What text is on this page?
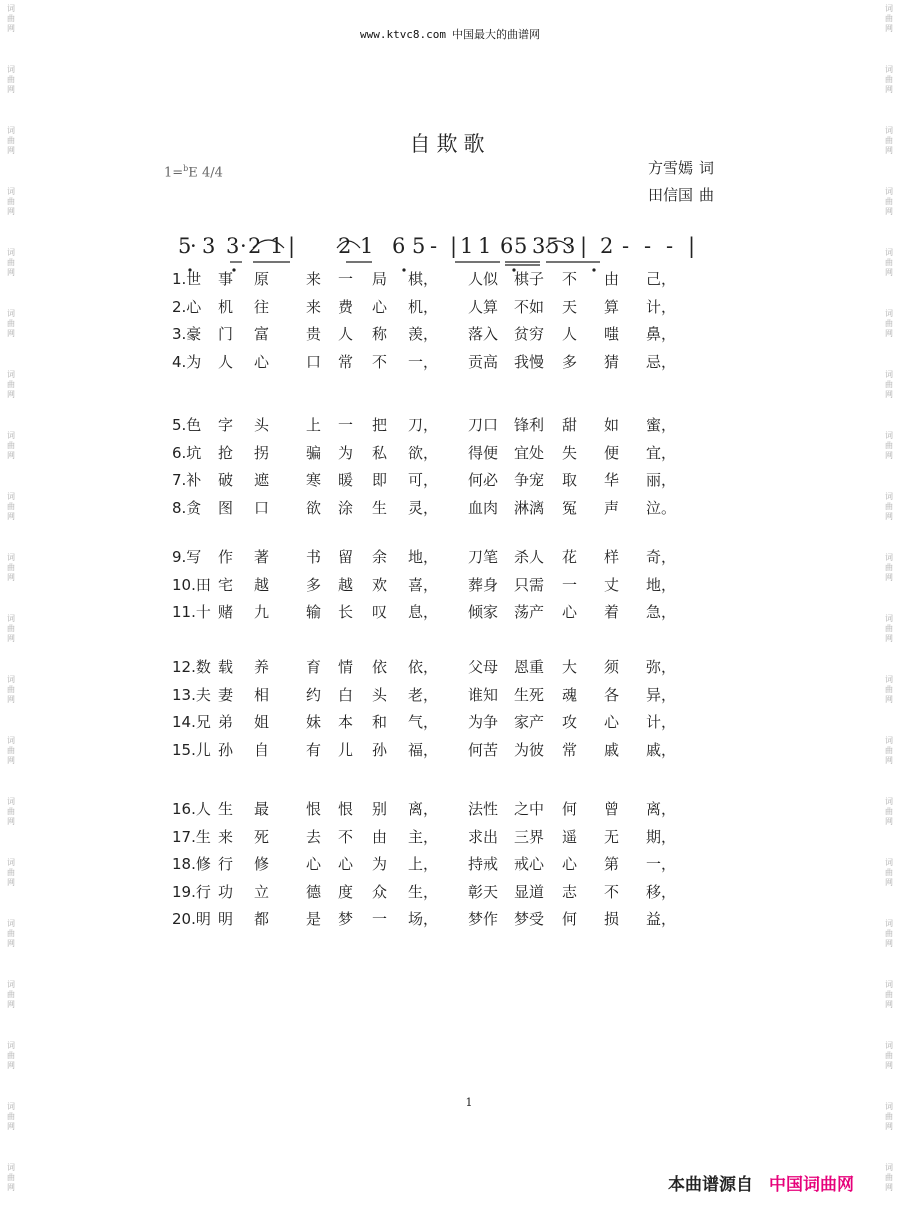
词
曲
网
词
曲
网
词
曲
网
词
曲
网
词
曲
网
词
曲
网
词
曲
网
词
曲
网
词
曲
网
词
曲
网
词
曲
网
词
曲
网
词
曲
网
词
曲
网
词
曲
网
词
曲
网
词
曲
网
词
曲
网
词
曲
网
词
曲
网
词
曲
网
词
曲
网
词
曲
网
词
曲
网
词
曲
网
词
曲
网
词
曲
网
词
曲
网
词
曲
网
词
曲
网
词
曲
网
词
曲
网
词
曲
网
词
曲
网
词
曲
网
词
曲
网
词
曲
网
词
曲
网
词
曲
网
词
曲
网
www.ktvc8.com 中国最大的曲谱网
自欺歌
1=$^b$E 4/4	方雪嫣 词
田信国 曲
5
· 3 3 · 2 1 | 2 1 6 5 - | 1 1 6 5 3 5 3 | 2 - - - |
1.世 事 原 来 一 局 棋， 人似 棋子 不 由 己，
2.心 机 往 来 费 心 机， 人算 不如 天 算 计，
3.豪 门 富 贵 人 称 羡， 落入 贫穷 人 嗤 鼻，
4.为 人 心 口 常 不 一， 贡高 我慢 多 猜 忌，
5.色 字 头 上 一 把 刀， 刀口 锋利 甜 如 蜜，
6.坑 抢 拐 骗 为 私 欲， 得便 宜处 失 便 宜，
7.补 破 遮 寒 暖 即 可， 何必 争宠 取 华 丽，
8.贪 图 口 欲 涂 生 灵， 血肉 淋漓 冤 声 泣。
9.写 作 著 书 留 余 地， 刀笔 杀人 花 样 奇，
10.田 宅 越 多 越 欢 喜， 葬身 只需 一 丈 地，
11.十 赌 九 输 长 叹 息， 倾家 荡产 心 着 急，
12.数 载 养 育 情 依 依， 父母 恩重 大 须 弥，
13.夫 妻 相 约 白 头 老， 谁知 生死 魂 各 异，
14.兄 弟 姐 妹 本 和 气， 为争 家产 攻 心 计，
15.儿 孙 自 有 儿 孙 福， 何苦 为彼 常 戚 戚，
16.人 生 最 恨 恨 别 离， 法性 之中 何 曾 离，
17.生 来 死 去 不 由 主， 求出 三界 遥 无 期，
18.修 行 修 心 心 为 上， 持戒 戒心 心 第 一，
19.行 功 立 德 度 众 生， 彰天 显道 志 不 移，
20.明 明 都 是 梦 一 场， 梦作 梦受 何 损 益，
1
本曲谱源自 中国词曲网
